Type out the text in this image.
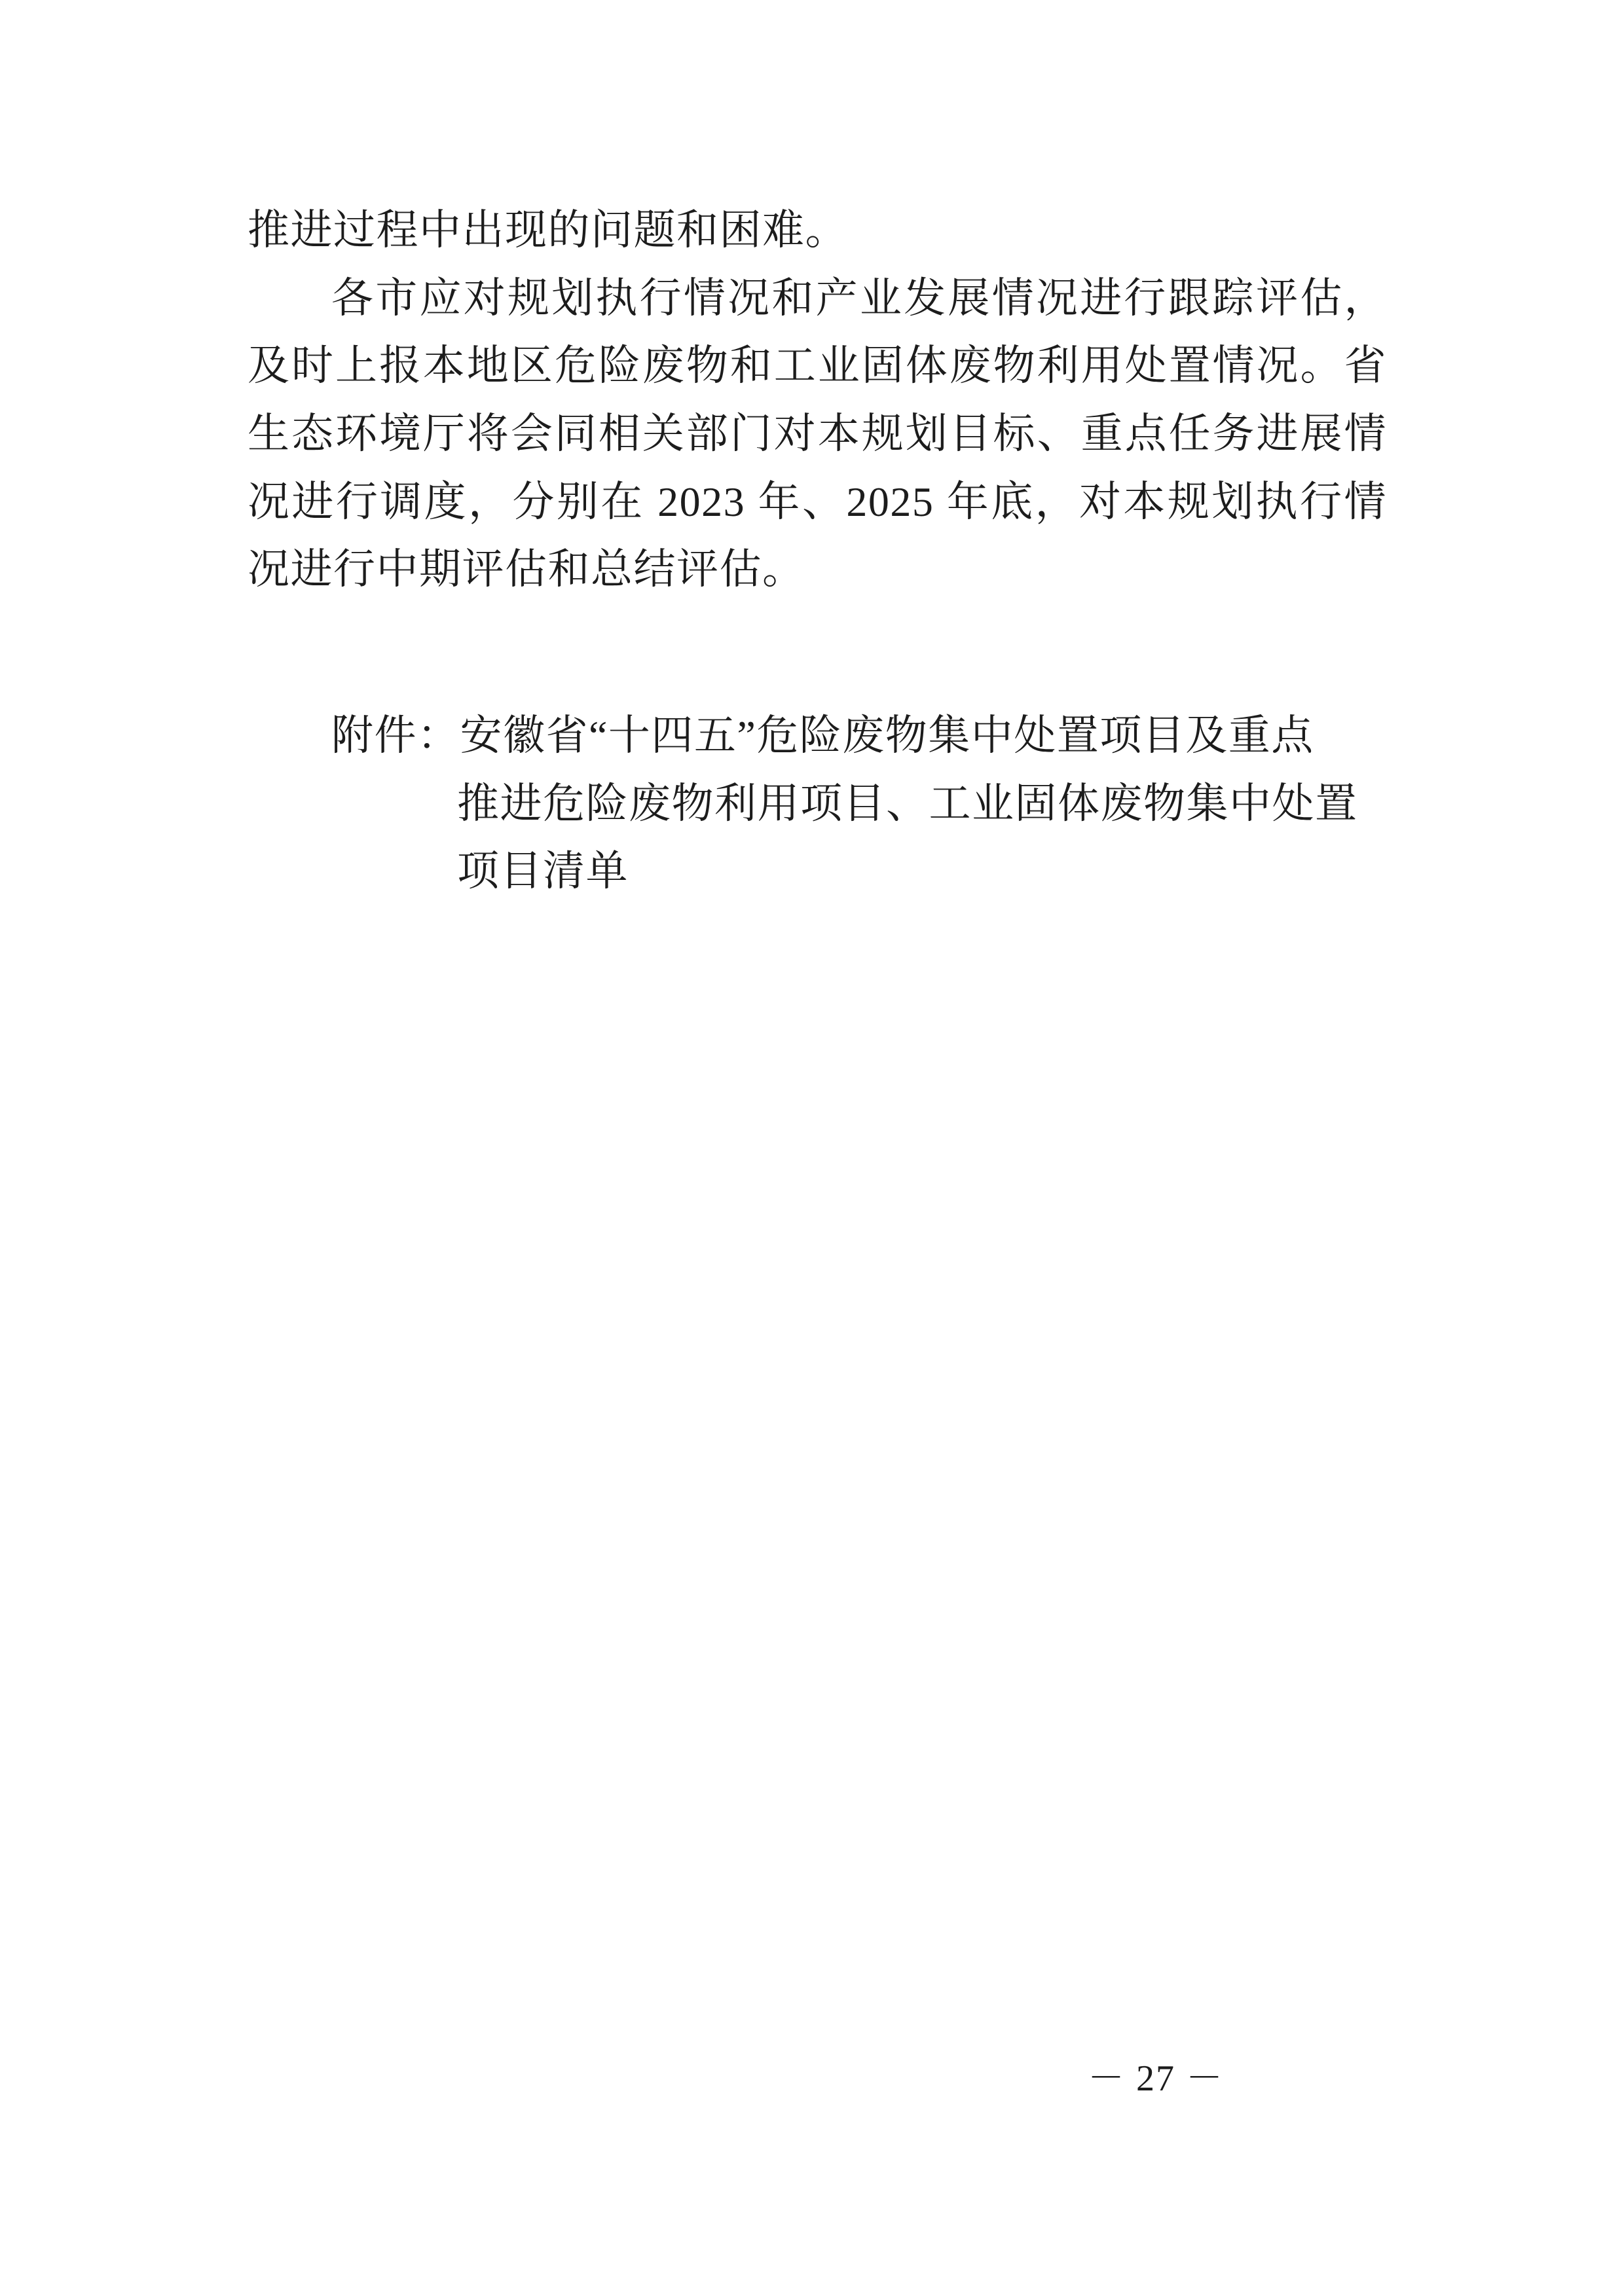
推进过程中出现的问题和困难。

各市应对规划执行情况和产业发展情况进行跟踪评估，及时上报本地区危险废物和工业固体废物利用处置情况。省生态环境厅将会同相关部门对本规划目标、重点任务进展情况进行调度，分别在 2023 年、2025 年底，对本规划执行情况进行中期评估和总结评估。

附件：安徽省“十四五”危险废物集中处置项目及重点
推进危险废物利用项目、工业固体废物集中处置
项目清单
－ 27 －
